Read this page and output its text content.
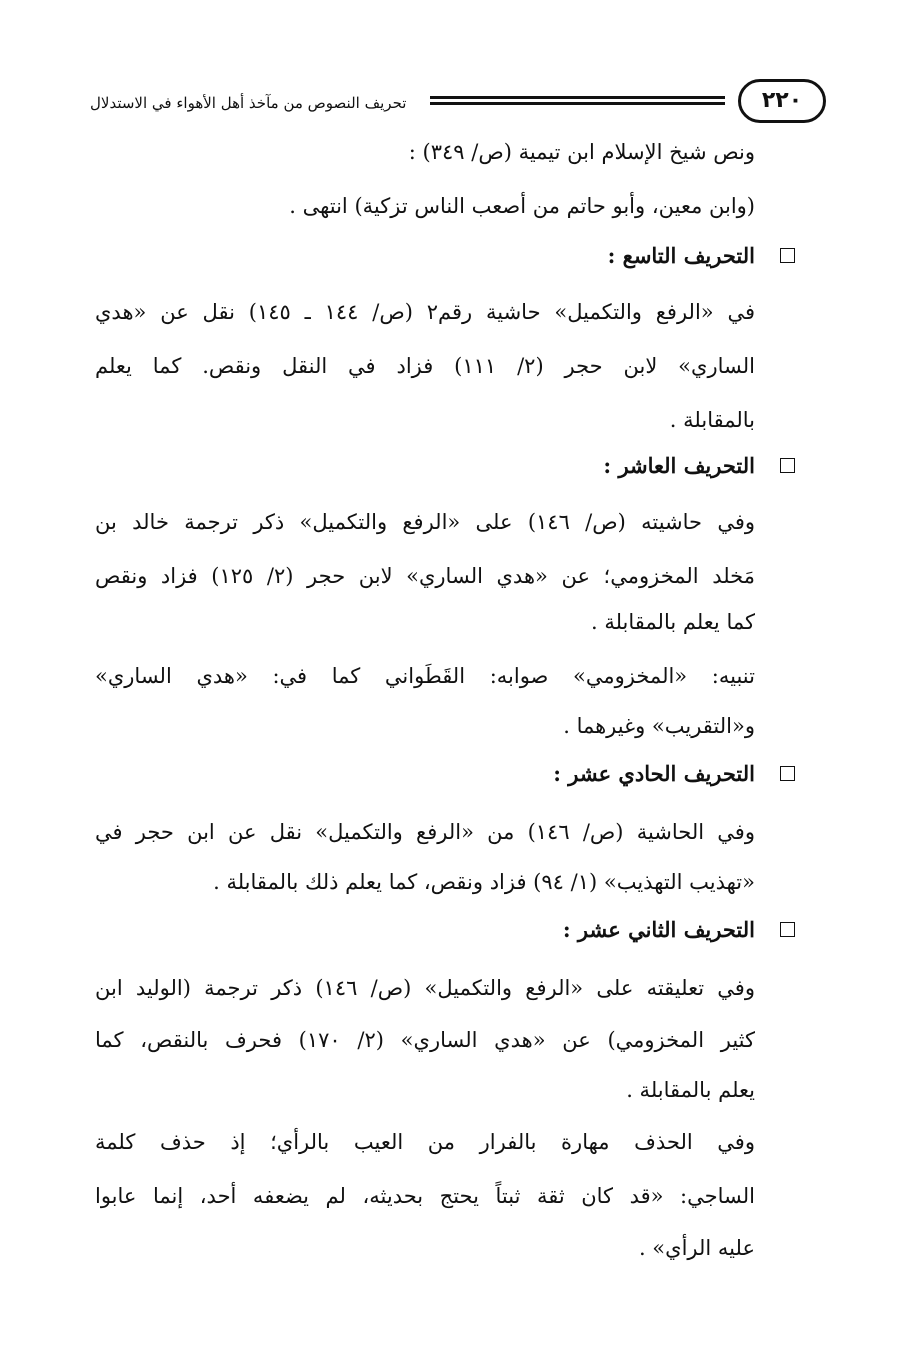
تحريف النصوص من مآخذ أهل الأهواء في الاستدلال	٢٢٠

ونص شيخ الإسلام ابن تيمية (ص/ ٣٤٩) :

(وابن معين، وأبو حاتم من أصعب الناس تزكية) انتهى .

التحريف التاسع :

في «الرفع والتكميل» حاشية رقم٢ (ص/ ١٤٤ ـ ١٤٥) نقل عن «هدي

الساري» لابن حجر (٢/ ١١١) فزاد في النقل ونقص. كما يعلم

بالمقابلة .

التحريف العاشر :

وفي حاشيته (ص/ ١٤٦) على «الرفع والتكميل» ذكر ترجمة خالد بن

مَخلد المخزومي؛ عن «هدي الساري» لابن حجر (٢/ ١٢٥) فزاد ونقص

كما يعلم بالمقابلة .

تنبيه: «المخزومي» صوابه: القَطَواني كما في: «هدي الساري»

و«التقريب» وغيرهما .

التحريف الحادي عشر :

وفي الحاشية (ص/ ١٤٦) من «الرفع والتكميل» نقل عن ابن حجر في

«تهذيب التهذيب» (١/ ٩٤) فزاد ونقص، كما يعلم ذلك بالمقابلة .

التحريف الثاني عشر :

وفي تعليقته على «الرفع والتكميل» (ص/ ١٤٦) ذكر ترجمة (الوليد ابن

كثير المخزومي) عن «هدي الساري» (٢/ ١٧٠) فحرف بالنقص، كما

يعلم بالمقابلة .

وفي الحذف مهارة بالفرار من العيب بالرأي؛ إذ حذف كلمة

الساجي: «قد كان ثقة ثبتاً يحتج بحديثه، لم يضعفه أحد، إنما عابوا

عليه الرأي» .
